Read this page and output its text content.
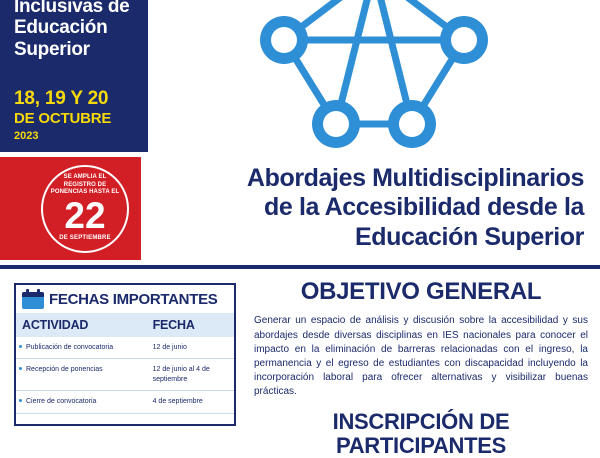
Inclusivas de
Educación
Superior
18, 19 Y 20
DE OCTUBRE
2023
SE AMPLIA EL REGISTRO DE PONENCIAS HASTA EL
22
DE SEPTIEMBRE
Abordajes Multidisciplinarios
de la Accesibilidad desde la
Educación Superior
FECHAS IMPORTANTES
ACTIVIDAD	FECHA

Publicación de convocatoria	12 de junio

Recepción de ponencias	12 de junio al 4 de septiembre

Cierre de convocatoria	4 de septiembre
OBJETIVO GENERAL
Generar un espacio de análisis y discusión sobre la accesibilidad y sus abordajes desde diversas disciplinas en IES nacionales para conocer el impacto en la eliminación de barreras relacionadas con el ingreso, la permanencia y el egreso de estudiantes con discapacidad incluyendo la incorporación laboral para ofrecer alternativas y visibilizar buenas prácticas.
INSCRIPCIÓN DE PARTICIPANTES
